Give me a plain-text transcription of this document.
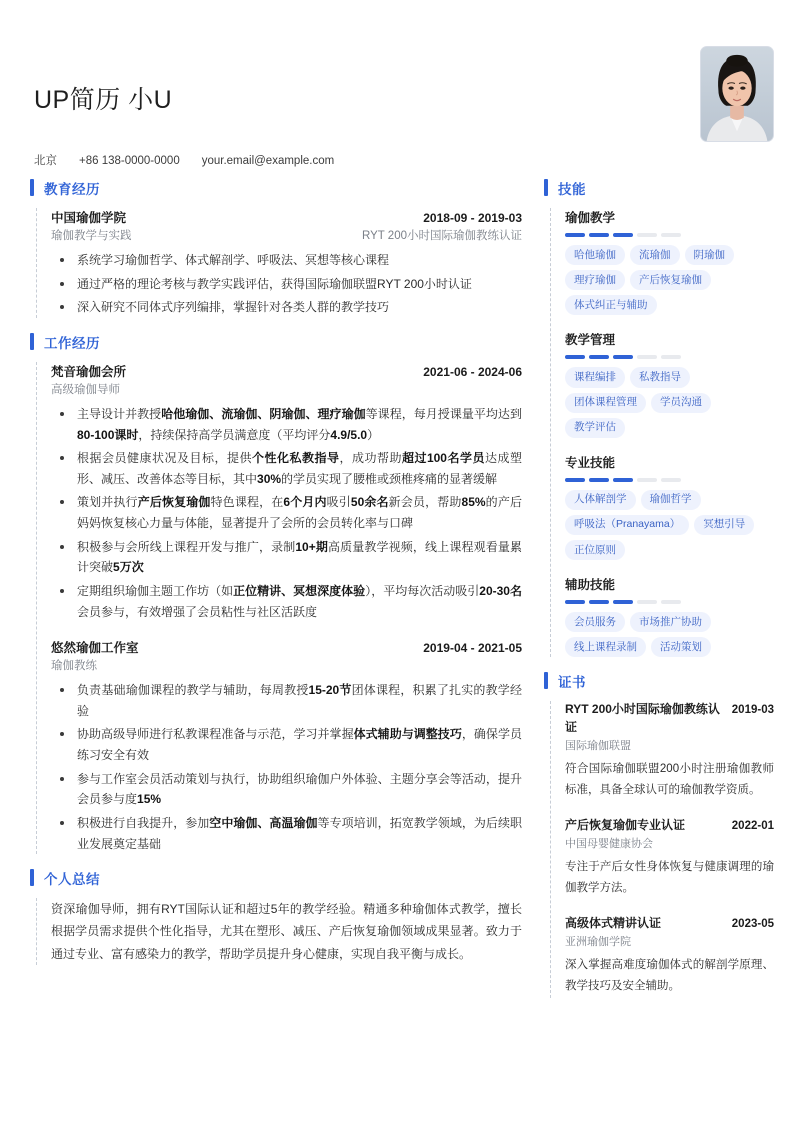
UP简历 小U
北京 +86 138-0000-0000 your.email@example.com
教育经历
中国瑜伽学院	2018-09 - 2019-03
瑜伽教学与实践	RYT 200小时国际瑜伽教练认证
系统学习瑜伽哲学、体式解剖学、呼吸法、冥想等核心课程
通过严格的理论考核与教学实践评估，获得国际瑜伽联盟RYT 200小时认证
深入研究不同体式序列编排，掌握针对各类人群的教学技巧
工作经历
梵音瑜伽会所	2021-06 - 2024-06
高级瑜伽导师
主导设计并教授哈他瑜伽、流瑜伽、阴瑜伽、理疗瑜伽等课程，每月授课量平均达到80-100课时，持续保持高学员满意度（平均评分4.9/5.0）
根据会员健康状况及目标，提供个性化私教指导，成功帮助超过100名学员达成塑形、减压、改善体态等目标，其中30%的学员实现了腰椎或颈椎疼痛的显著缓解
策划并执行产后恢复瑜伽特色课程，在6个月内吸引50余名新会员，帮助85%的产后妈妈恢复核心力量与体能，显著提升了会所的会员转化率与口碑
积极参与会所线上课程开发与推广，录制10+期高质量教学视频，线上课程观看量累计突破5万次
定期组织瑜伽主题工作坊（如正位精讲、冥想深度体验），平均每次活动吸引20-30名会员参与，有效增强了会员粘性与社区活跃度
悠然瑜伽工作室	2019-04 - 2021-05
瑜伽教练
负责基础瑜伽课程的教学与辅助，每周教授15-20节团体课程，积累了扎实的教学经验
协助高级导师进行私教课程准备与示范，学习并掌握体式辅助与调整技巧，确保学员练习安全有效
参与工作室会员活动策划与执行，协助组织瑜伽户外体验、主题分享会等活动，提升会员参与度15%
积极进行自我提升，参加空中瑜伽、高温瑜伽等专项培训，拓宽教学领域，为后续职业发展奠定基础
个人总结
资深瑜伽导师，拥有RYT国际认证和超过5年的教学经验。精通多种瑜伽体式教学，擅长根据学员需求提供个性化指导，尤其在塑形、减压、产后恢复瑜伽领域成果显著。致力于通过专业、富有感染力的教学，帮助学员提升身心健康，实现自我平衡与成长。
技能
瑜伽教学
哈他瑜伽	流瑜伽	阴瑜伽
理疗瑜伽	产后恢复瑜伽
体式纠正与辅助
教学管理
课程编排	私教指导
团体课程管理	学员沟通
教学评估
专业技能
人体解剖学	瑜伽哲学
呼吸法（Pranayama）	冥想引导
正位原则
辅助技能
会员服务	市场推广协助
线上课程录制	活动策划
证书
RYT 200小时国际瑜伽教练认证
2019-03
国际瑜伽联盟
符合国际瑜伽联盟200小时注册瑜伽教师标准，具备全球认可的瑜伽教学资质。
产后恢复瑜伽专业认证	2022-01
中国母婴健康协会
专注于产后女性身体恢复与健康调理的瑜伽教学方法。
高级体式精讲认证	2023-05
亚洲瑜伽学院
深入掌握高难度瑜伽体式的解剖学原理、教学技巧及安全辅助。
